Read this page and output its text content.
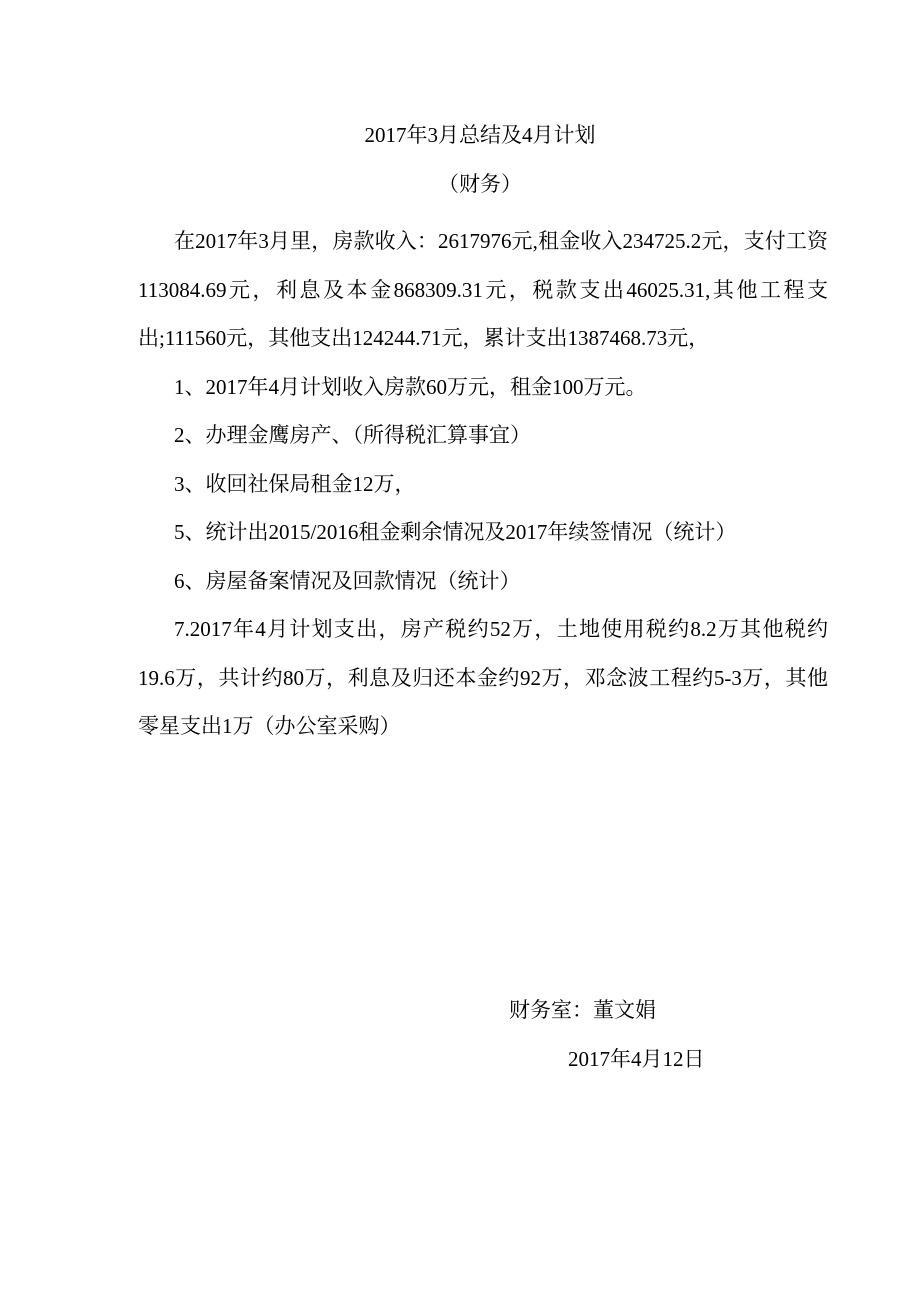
2017年3月总结及4月计划
（财务）

在2017年3月里，房款收入：2617976元,租金收入234725.2元，支付工资113084.69元，利息及本金868309.31元，税款支出46025.31,其他工程支出;111560元，其他支出124244.71元，累计支出1387468.73元，

1、2017年4月计划收入房款60万元，租金100万元。

2、办理金鹰房产、（所得税汇算事宜）

3、收回社保局租金12万，

5、统计出2015/2016租金剩余情况及2017年续签情况（统计）

6、房屋备案情况及回款情况（统计）

7.2017年4月计划支出，房产税约52万，土地使用税约8.2万其他税约19.6万，共计约80万，利息及归还本金约92万，邓念波工程约5-3万，其他零星支出1万（办公室采购）

财务室：董文娟
2017年4月12日
